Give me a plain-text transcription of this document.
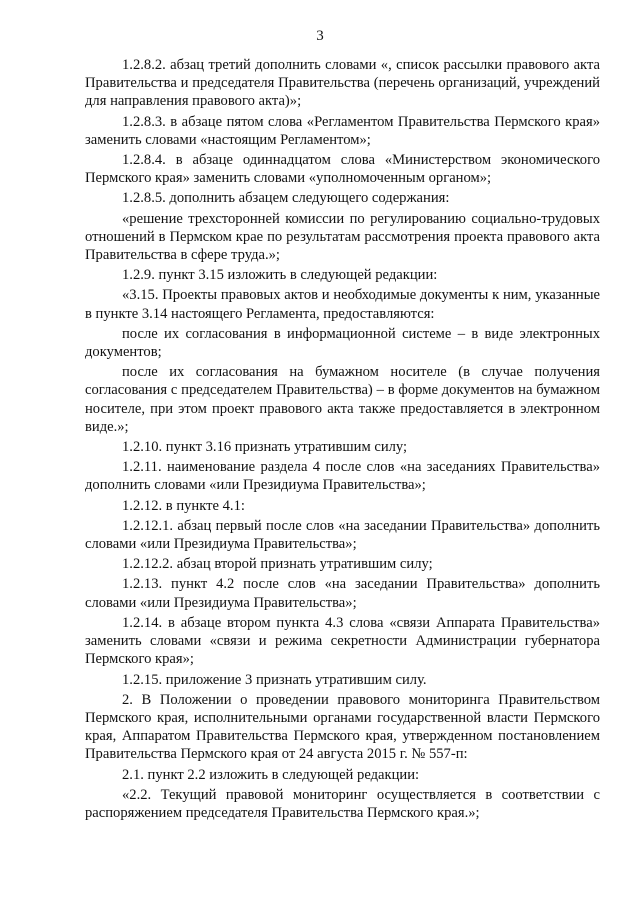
3

1.2.8.2. абзац третий дополнить словами «, список рассылки правового акта Правительства и председателя Правительства (перечень организаций, учреждений для направления правового акта)»;

1.2.8.3. в абзаце пятом слова «Регламентом Правительства Пермского края» заменить словами «настоящим Регламентом»;

1.2.8.4. в абзаце одиннадцатом слова «Министерством экономического Пермского края» заменить словами «уполномоченным органом»;

1.2.8.5. дополнить абзацем следующего содержания:

«решение трехсторонней комиссии по регулированию социально-трудовых отношений в Пермском крае по результатам рассмотрения проекта правового акта Правительства в сфере труда.»;

1.2.9. пункт 3.15 изложить в следующей редакции:

«3.15. Проекты правовых актов и необходимые документы к ним, указанные в пункте 3.14 настоящего Регламента, предоставляются:

после их согласования в информационной системе – в виде электронных документов;

после их согласования на бумажном носителе (в случае получения согласования с председателем Правительства) – в форме документов на бумажном носителе, при этом проект правового акта также предоставляется в электронном виде.»;

1.2.10. пункт 3.16 признать утратившим силу;

1.2.11. наименование раздела 4 после слов «на заседаниях Правительства» дополнить словами «или Президиума Правительства»;

1.2.12. в пункте 4.1:

1.2.12.1. абзац первый после слов «на заседании Правительства» дополнить словами «или Президиума Правительства»;

1.2.12.2. абзац второй признать утратившим силу;

1.2.13. пункт 4.2 после слов «на заседании Правительства» дополнить словами «или Президиума Правительства»;

1.2.14. в абзаце втором пункта 4.3 слова «связи Аппарата Правительства» заменить словами «связи и режима секретности Администрации губернатора Пермского края»;

1.2.15. приложение 3 признать утратившим силу.

2. В Положении о проведении правового мониторинга Правительством Пермского края, исполнительными органами государственной власти Пермского края, Аппаратом Правительства Пермского края, утвержденном постановлением Правительства Пермского края от 24 августа 2015 г. № 557-п:

2.1. пункт 2.2 изложить в следующей редакции:

«2.2. Текущий правовой мониторинг осуществляется в соответствии с распоряжением председателя Правительства Пермского края.»;
